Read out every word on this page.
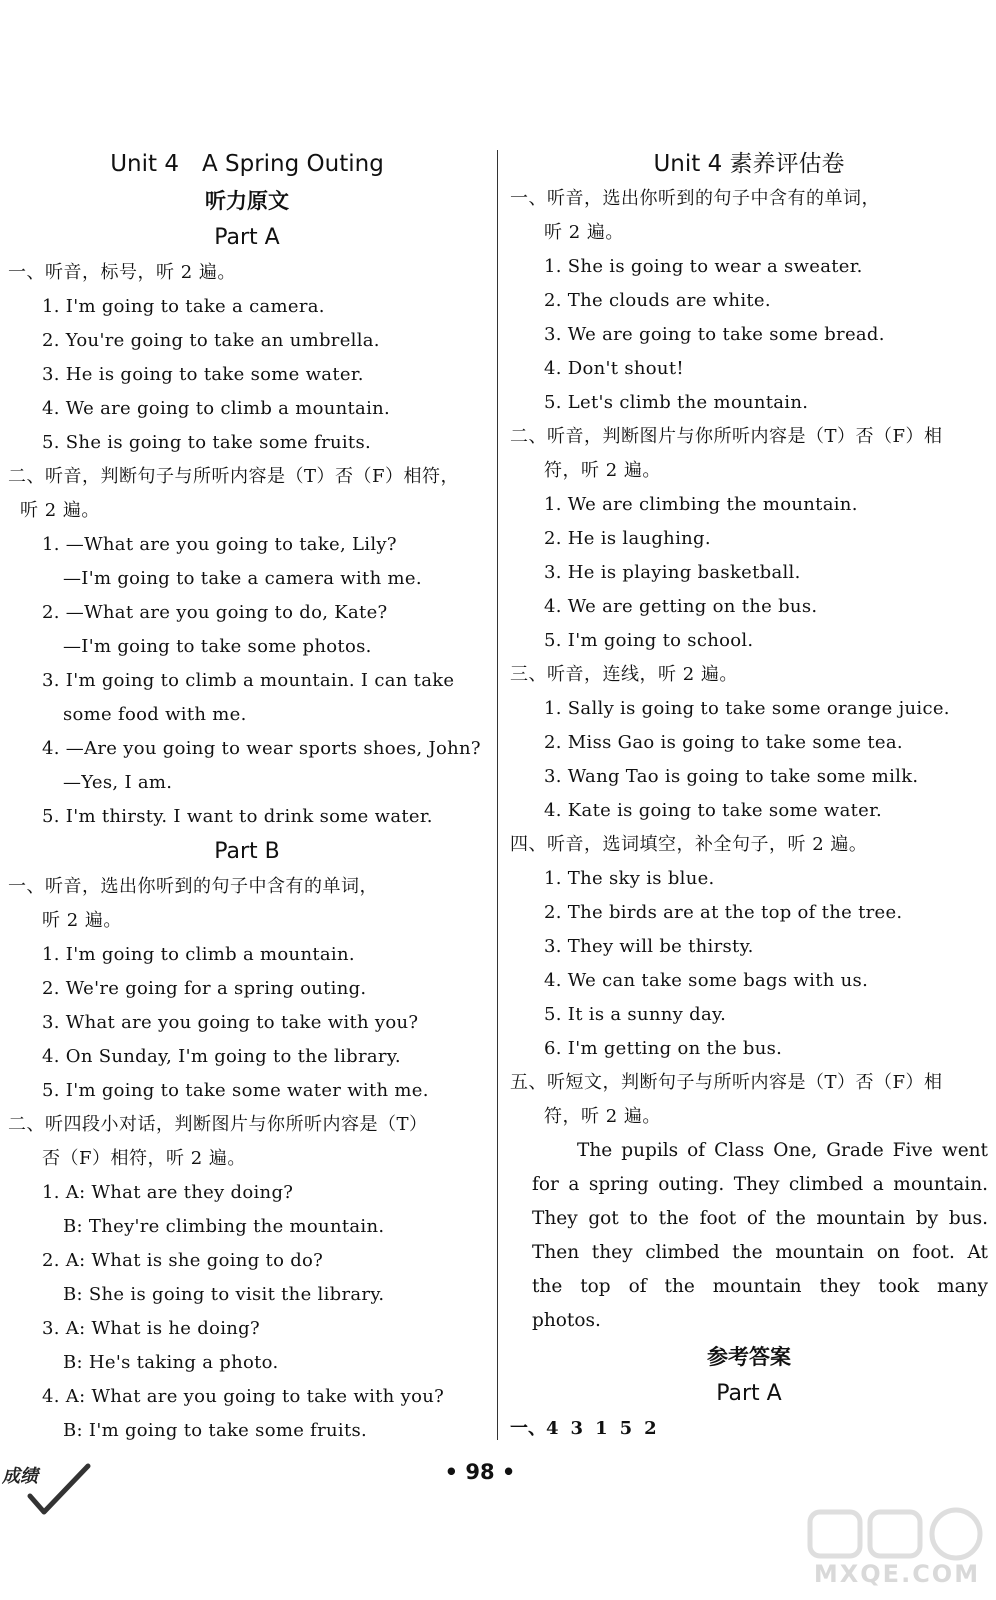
Unit 4　A Spring Outing
听力原文
Part A
一、听音，标号，听 2 遍。
1. I'm going to take a camera.
2. You're going to take an umbrella.
3. He is going to take some water.
4. We are going to climb a mountain.
5. She is going to take some fruits.
二、听音，判断句子与所听内容是（T）否（F）相符，
听 2 遍。
1. —What are you going to take, Lily?
—I'm going to take a camera with me.
2. —What are you going to do, Kate?
—I'm going to take some photos.
3. I'm going to climb a mountain. I can take
some food with me.
4. —Are you going to wear sports shoes, John?
—Yes, I am.
5. I'm thirsty. I want to drink some water.
Part B
一、听音，选出你听到的句子中含有的单词，
听 2 遍。
1. I'm going to climb a mountain.
2. We're going for a spring outing.
3. What are you going to take with you?
4. On Sunday, I'm going to the library.
5. I'm going to take some water with me.
二、听四段小对话，判断图片与你所听内容是（T）
否（F）相符，听 2 遍。
1. A: What are they doing?
B: They're climbing the mountain.
2. A: What is she going to do?
B: She is going to visit the library.
3. A: What is he doing?
B: He's taking a photo.
4. A: What are you going to take with you?
B: I'm going to take some fruits.
Unit 4 素养评估卷
一、听音，选出你听到的句子中含有的单词，
听 2 遍。
1. She is going to wear a sweater.
2. The clouds are white.
3. We are going to take some bread.
4. Don't shout!
5. Let's climb the mountain.
二、听音，判断图片与你所听内容是（T）否（F）相
符，听 2 遍。
1. We are climbing the mountain.
2. He is laughing.
3. He is playing basketball.
4. We are getting on the bus.
5. I'm going to school.
三、听音，连线，听 2 遍。
1. Sally is going to take some orange juice.
2. Miss Gao is going to take some tea.
3. Wang Tao is going to take some milk.
4. Kate is going to take some water.
四、听音，选词填空，补全句子，听 2 遍。
1. The sky is blue.
2. The birds are at the top of the tree.
3. They will be thirsty.
4. We can take some bags with us.
5. It is a sunny day.
6. I'm getting on the bus.
五、听短文，判断句子与所听内容是（T）否（F）相
符，听 2 遍。
The pupils of Class One, Grade Five went for a spring outing. They climbed a mountain. They got to the foot of the mountain by bus. Then they climbed the mountain on foot. At the top of the mountain they took many photos.
参考答案
Part A
一、4 3 1 5 2
成绩	• 98 •
MXQE.COM
